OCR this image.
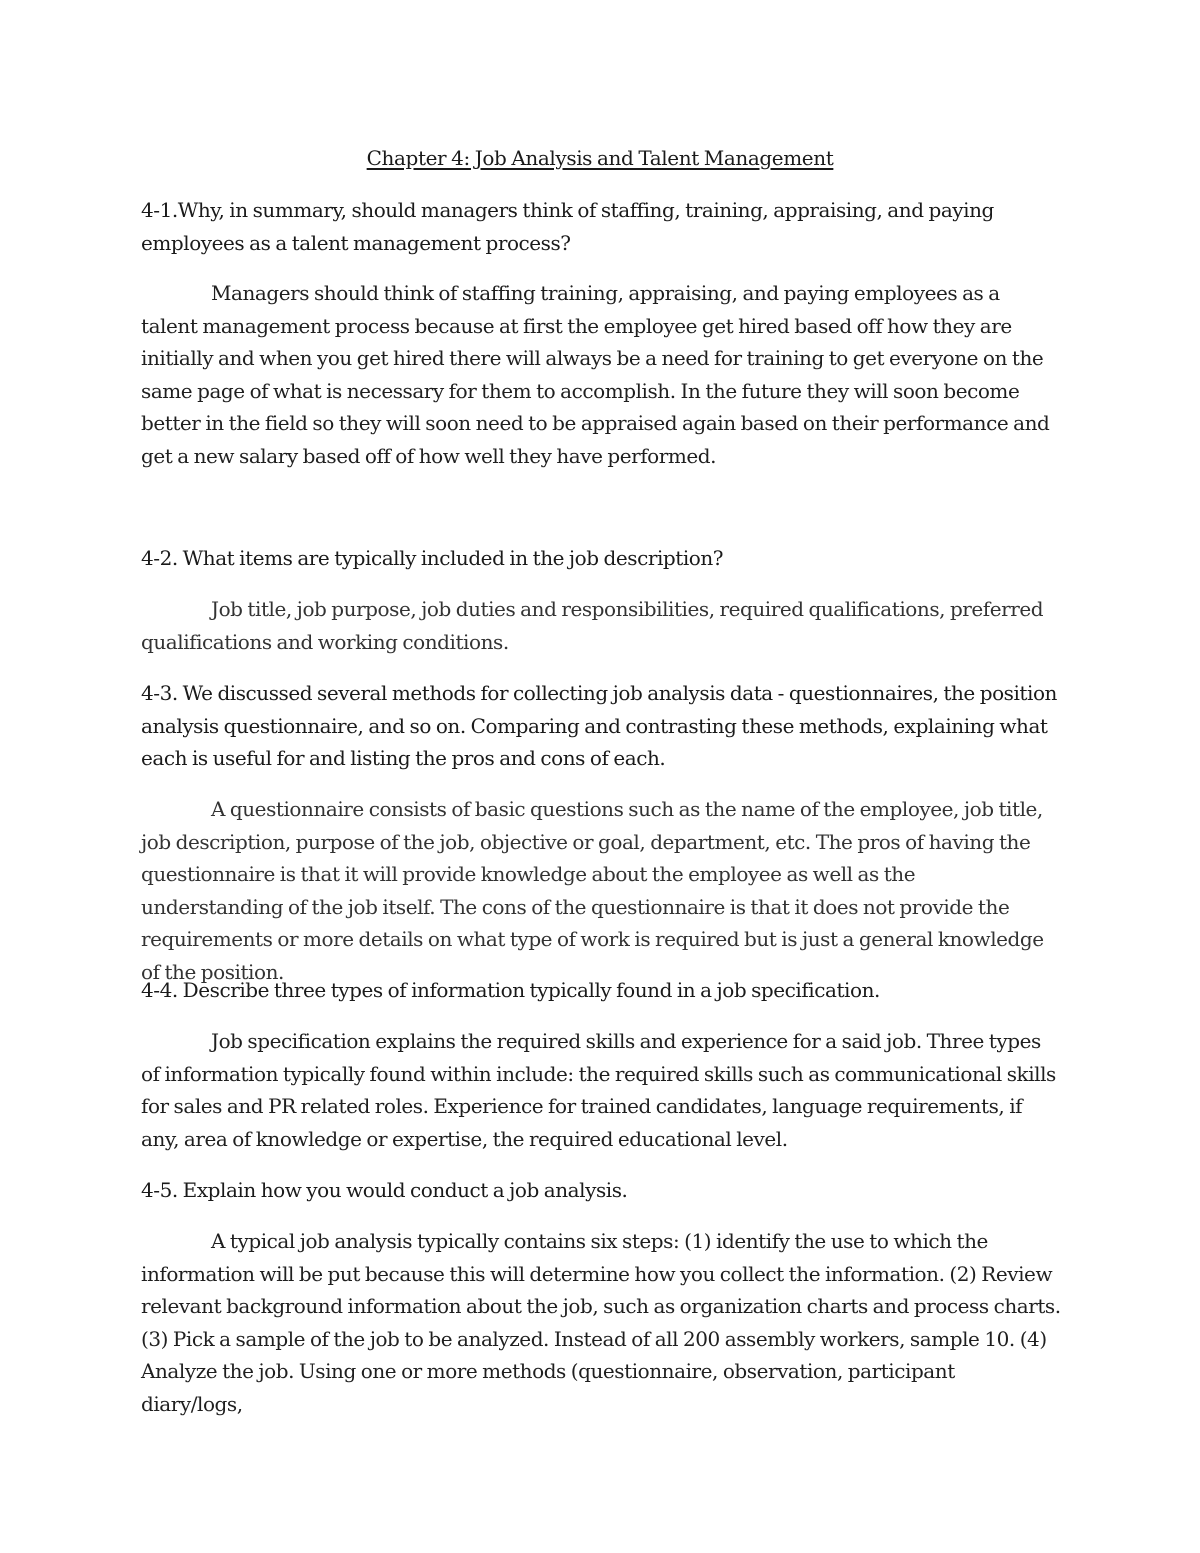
Chapter 4: Job Analysis and Talent Management

4-1.Why, in summary, should managers think of staffing, training, appraising, and paying employees as a talent management process?

Managers should think of staffing training, appraising, and paying employees as a talent management process because at first the employee get hired based off how they are initially and when you get hired there will always be a need for training to get everyone on the same page of what is necessary for them to accomplish. In the future they will soon become better in the field so they will soon need to be appraised again based on their performance and get a new salary based off of how well they have performed.

4-2. What items are typically included in the job description?

Job title, job purpose, job duties and responsibilities, required qualifications, preferred qualifications and working conditions.

4-3. We discussed several methods for collecting job analysis data - questionnaires, the position analysis questionnaire, and so on. Comparing and contrasting these methods, explaining what each is useful for and listing the pros and cons of each.

A questionnaire consists of basic questions such as the name of the employee, job title, job description, purpose of the job, objective or goal, department, etc. The pros of having the questionnaire is that it will provide knowledge about the employee as well as the understanding of the job itself. The cons of the questionnaire is that it does not provide the requirements or more details on what type of work is required but is just a general knowledge of the position.

4-4. Describe three types of information typically found in a job specification.

Job specification explains the required skills and experience for a said job. Three types of information typically found within include: the required skills such as communicational skills for sales and PR related roles. Experience for trained candidates, language requirements, if any, area of knowledge or expertise, the required educational level.

4-5. Explain how you would conduct a job analysis.

A typical job analysis typically contains six steps: (1) identify the use to which the information will be put because this will determine how you collect the information. (2) Review relevant background information about the job, such as organization charts and process charts. (3) Pick a sample of the job to be analyzed. Instead of all 200 assembly workers, sample 10. (4) Analyze the job. Using one or more methods (questionnaire, observation, participant diary/logs,
